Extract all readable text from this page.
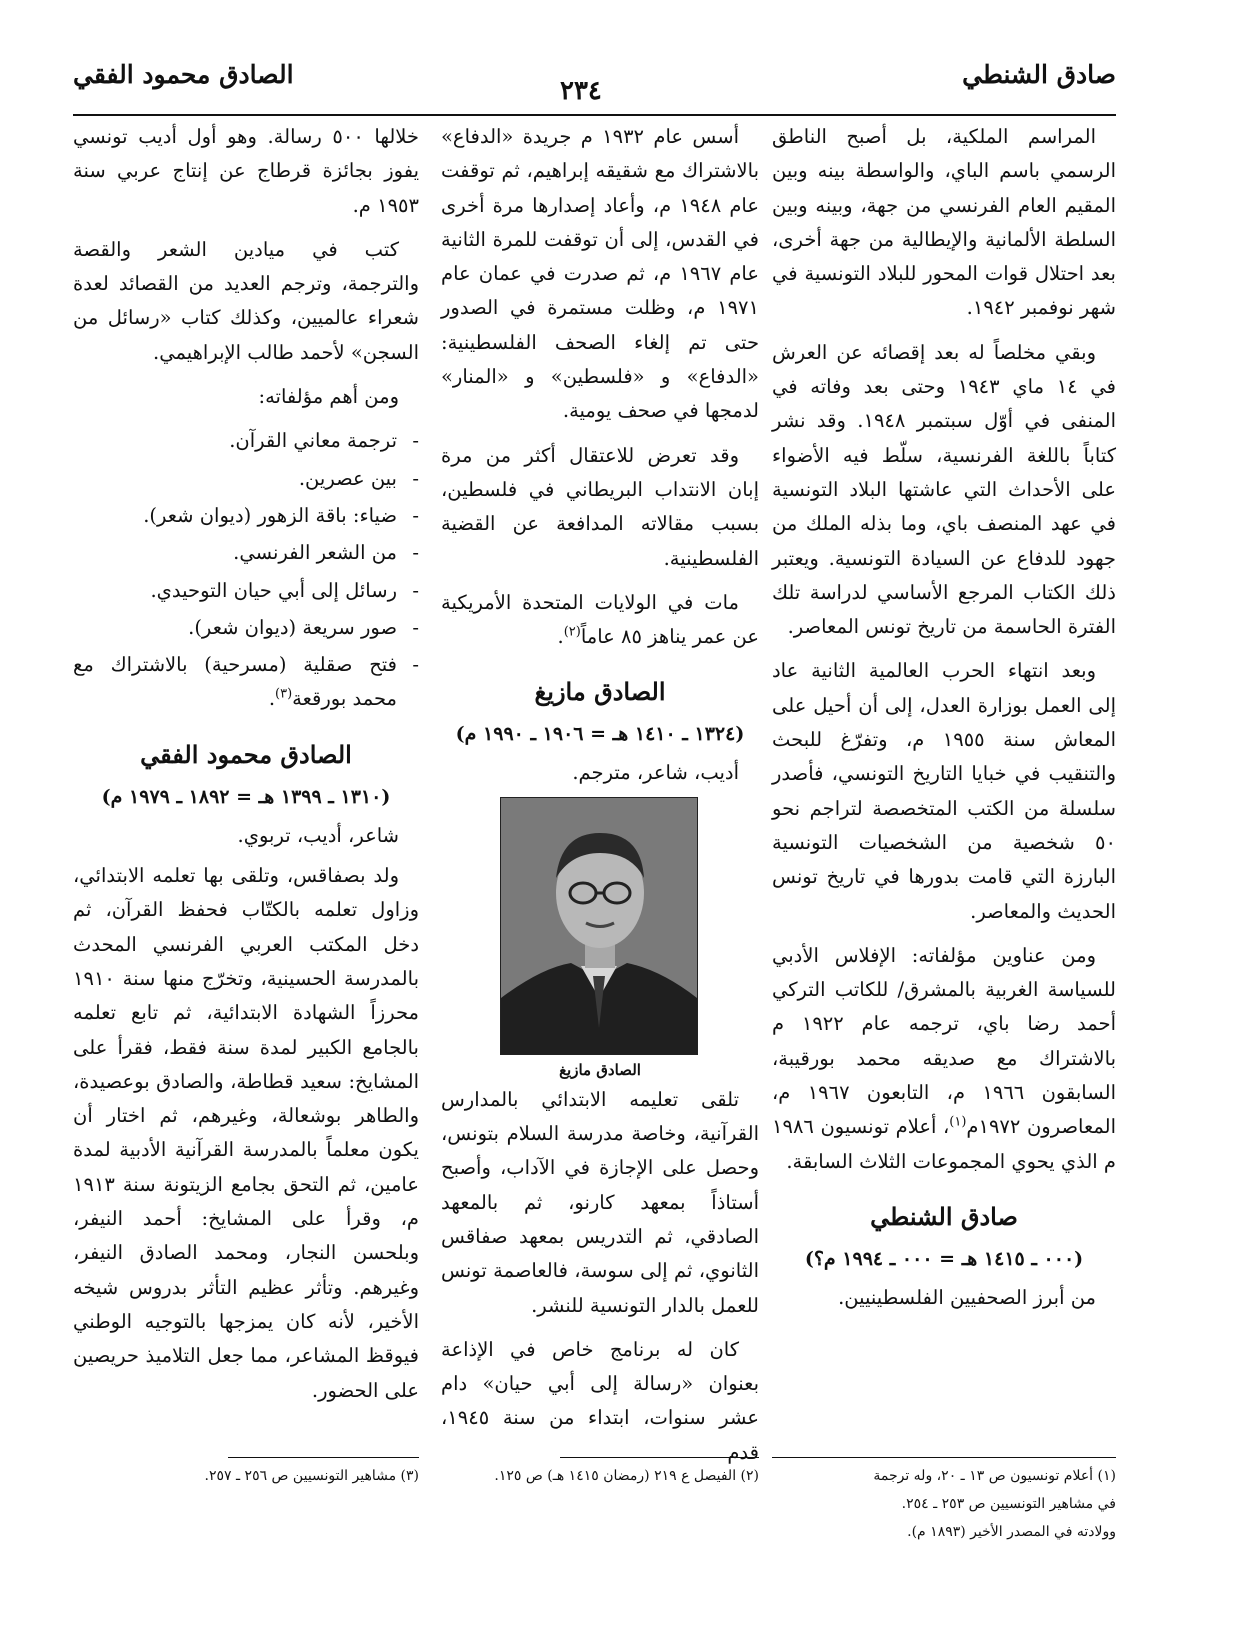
صادق الشنطي
٢٣٤
الصادق محمود الفقي

المراسم الملكية، بل أصبح الناطق الرسمي باسم الباي، والواسطة بينه وبين المقيم العام الفرنسي من جهة، وبينه وبين السلطة الألمانية والإيطالية من جهة أخرى، بعد احتلال قوات المحور للبلاد التونسية في شهر نوفمبر ١٩٤٢.

وبقي مخلصاً له بعد إقصائه عن العرش في ١٤ ماي ١٩٤٣ وحتى بعد وفاته في المنفى في أوّل سبتمبر ١٩٤٨. وقد نشر كتاباً باللغة الفرنسية، سلّط فيه الأضواء على الأحداث التي عاشتها البلاد التونسية في عهد المنصف باي، وما بذله الملك من جهود للدفاع عن السيادة التونسية. ويعتبر ذلك الكتاب المرجع الأساسي لدراسة تلك الفترة الحاسمة من تاريخ تونس المعاصر.

وبعد انتهاء الحرب العالمية الثانية عاد إلى العمل بوزارة العدل، إلى أن أحيل على المعاش سنة ١٩٥٥ م، وتفرّغ للبحث والتنقيب في خبايا التاريخ التونسي، فأصدر سلسلة من الكتب المتخصصة لتراجم نحو ٥٠ شخصية من الشخصيات التونسية البارزة التي قامت بدورها في تاريخ تونس الحديث والمعاصر.

ومن عناوين مؤلفاته: الإفلاس الأدبي للسياسة الغربية بالمشرق/ للكاتب التركي أحمد رضا باي، ترجمه عام ١٩٢٢ م بالاشتراك مع صديقه محمد بورقيبة، السابقون ١٩٦٦ م، التابعون ١٩٦٧ م، المعاصرون ١٩٧٢م$^{(١)}$، أعلام تونسيون ١٩٨٦ م الذي يحوي المجموعات الثلاث السابقة.

صادق الشنطي
(٠٠٠ ـ ١٤١٥ هـ = ٠٠٠ ـ ١٩٩٤ م؟)

من أبرز الصحفيين الفلسطينيين.

أسس عام ١٩٣٢ م جريدة «الدفاع» بالاشتراك مع شقيقه إبراهيم، ثم توقفت عام ١٩٤٨ م، وأعاد إصدارها مرة أخرى في القدس، إلى أن توقفت للمرة الثانية عام ١٩٦٧ م، ثم صدرت في عمان عام ١٩٧١ م، وظلت مستمرة في الصدور حتى تم إلغاء الصحف الفلسطينية: «الدفاع» و «فلسطين» و «المنار» لدمجها في صحف يومية.

وقد تعرض للاعتقال أكثر من مرة إبان الانتداب البريطاني في فلسطين، بسبب مقالاته المدافعة عن القضية الفلسطينية.

مات في الولايات المتحدة الأمريكية عن عمر يناهز ٨٥ عاماً$^{(٢)}$.

الصادق مازيغ
(١٣٢٤ ـ ١٤١٠ هـ = ١٩٠٦ ـ ١٩٩٠ م)

أديب، شاعر، مترجم.

الصادق مازيغ

تلقى تعليمه الابتدائي بالمدارس القرآنية، وخاصة مدرسة السلام بتونس، وحصل على الإجازة في الآداب، وأصبح أستاذاً بمعهد كارنو، ثم بالمعهد الصادقي، ثم التدريس بمعهد صفاقس الثانوي، ثم إلى سوسة، فالعاصمة تونس للعمل بالدار التونسية للنشر.

كان له برنامج خاص في الإذاعة بعنوان «رسالة إلى أبي حيان» دام عشر سنوات، ابتداء من سنة ١٩٤٥، قدم

خلالها ٥٠٠ رسالة. وهو أول أديب تونسي يفوز بجائزة قرطاج عن إنتاج عربي سنة ١٩٥٣ م.

كتب في ميادين الشعر والقصة والترجمة، وترجم العديد من القصائد لعدة شعراء عالميين، وكذلك كتاب «رسائل من السجن» لأحمد طالب الإبراهيمي.

ومن أهم مؤلفاته:

- ترجمة معاني القرآن.
- بين عصرين.
- ضياء: باقة الزهور (ديوان شعر).
- من الشعر الفرنسي.
- رسائل إلى أبي حيان التوحيدي.
- صور سريعة (ديوان شعر).
- فتح صقلية (مسرحية) بالاشتراك مع محمد بورقعة$^{(٣)}$.
الصادق محمود الفقي
(١٣١٠ ـ ١٣٩٩ هـ = ١٨٩٢ ـ ١٩٧٩ م)

شاعر، أديب، تربوي.

ولد بصفاقس، وتلقى بها تعلمه الابتدائي، وزاول تعلمه بالكتّاب فحفظ القرآن، ثم دخل المكتب العربي الفرنسي المحدث بالمدرسة الحسينية، وتخرّج منها سنة ١٩١٠ محرزاً الشهادة الابتدائية، ثم تابع تعلمه بالجامع الكبير لمدة سنة فقط، فقرأ على المشايخ: سعيد قطاطة، والصادق بوعصيدة، والطاهر بوشعالة، وغيرهم، ثم اختار أن يكون معلماً بالمدرسة القرآنية الأدبية لمدة عامين، ثم التحق بجامع الزيتونة سنة ١٩١٣ م، وقرأ على المشايخ: أحمد النيفر، وبلحسن النجار، ومحمد الصادق النيفر، وغيرهم. وتأثر عظيم التأثر بدروس شيخه الأخير، لأنه كان يمزجها بالتوجيه الوطني فيوقظ المشاعر، مما جعل التلاميذ حريصين على الحضور.

(١) أعلام تونسيون ص ١٣ ـ ٢٠، وله ترجمة

في مشاهير التونسيين ص ٢٥٣ ـ ٢٥٤.

وولادته في المصدر الأخير (١٨٩٣ م).

(٢) الفيصل ع ٢١٩ (رمضان ١٤١٥ هـ) ص ١٢٥.

(٣) مشاهير التونسيين ص ٢٥٦ ـ ٢٥٧.
